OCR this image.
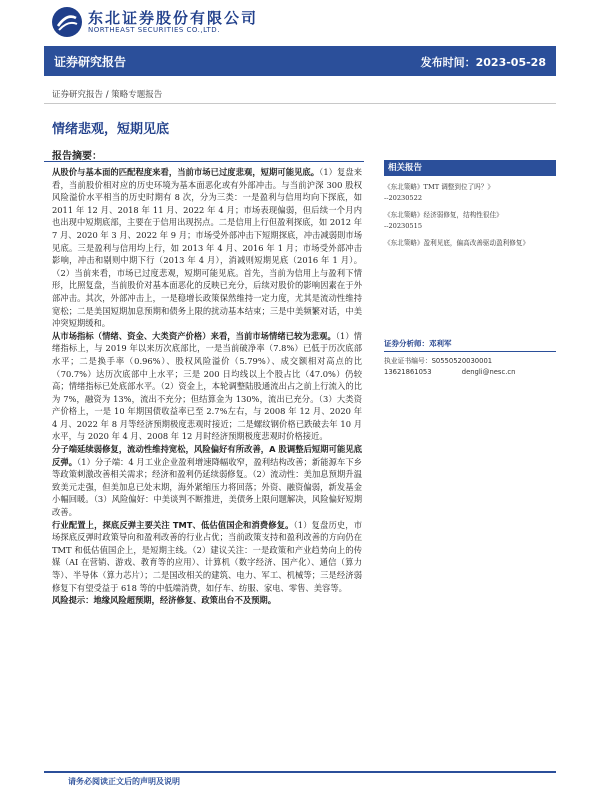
东北证券股份有限公司
NORTHEAST SECURITIES CO.,LTD.
证券研究报告	发布时间：2023-05-28
证券研究报告 / 策略专题报告
情绪悲观，短期见底
报告摘要：

从股价与基本面的匹配程度来看，当前市场已过度悲观，短期可能见底。（1）复盘来看，当前股价相对应的历史环境为基本面恶化或有外部冲击。与当前沪深 300 股权风险溢价水平相当的历史时期有 8 次，分为三类：一是盈利与信用均向下探底，如 2011 年 12 月、2018 年 11 月、2022 年 4 月；市场表现偏弱，但后续一个月内也出现中短期底部，主要在于信用出现拐点。二是信用上行但盈利探底，如 2012 年 7 月、2020 年 3 月、2022 年 9 月；市场受外部冲击下短期探底，冲击减弱則市场见底。三是盈利与信用均上行，如 2013 年 4 月、2016 年 1 月；市场受外部冲击影响，冲击和剔则中期下行（2013 年 4 月），消减则短期见底（2016 年 1 月）。（2）当前来看，市场已过度悲观，短期可能见底。首先，当前为信用上与盈利下情形，比照复盘，当前股价对基本面恶化的反映已充分，后续对股价的影响因素在于外部冲击。其次，外部冲击上，一是稳增长政策保然维持一定力度，尤其是流动性维持宽松；二是美国短期加息预期和债务上限的扰动基本结束；三是中美频繁对话，中美冲突短期缓和。

从市场指标（情绪、资金、大类资产价格）来看，当前市场情绪已较为悲观。（1）情绪指标上，与 2019 年以来历次底部比，一是当前破净率（7.8%）已低于历次底部水平；二是换手率（0.96%）、股权风险溢价（5.79%）、成交额相对高点的比（70.7%）达历次底部中上水平；三是 200 日均线以上个股占比（47.0%）仍较高；情绪指标已处底部水平。（2）资金上，本轮调整陆股通流出占之前上行流入的比为 7%，融资为 13%，流出不充分；但结算金为 130%，流出已充分。（3）大类资产价格上，一是 10 年期国债收益率已至 2.7%左右，与 2008 年 12 月、2020 年 4 月、2022 年 8 月等经济预期极度悲观时接近；二是螺纹钢价格已跌破去年 10 月水平，与 2020 年 4 月、2008 年 12 月时经济预期极度悲观时价格接近。

分子端延续弱修复，流动性维持宽松，风险偏好有所改善，A 股调整后短期可能见底反弹。（1）分子端：4 月工业企业盈利增速降幅收窄，盈利结构改善；新能源车下乡等政策刺激改善相关需求；经济和盈利仍延续弱修复。（2）流动性：美加息预期升温致美元走强，但美加息已处末期，海外紧缩压力将回落；外资、融资偏弱，新发基金小幅回暖。（3）风险偏好：中美谈判不断推进，美债务上限问题解决，风险偏好短期改善。

行业配置上，探底反弹主要关注 TMT、低估值国企和消费修复。（1）复盘历史，市场探底反弹时政策导向和盈利改善的行业占优；当前政策支持和盈利改善的方向仍在 TMT 和低估值国企上，是短期主线。（2）建议关注：一是政策和产业趋势向上的传媒（AI 在营销、游戏、教育等的应用）、计算机（数字经济、国产化）、通信（算力等）、半导体（算力芯片）；二是国改相关的建筑、电力、军工、机械等；三是经济弱修复下有望受益于 618 等的中低端消费，如仔车、纺服、家电、零售、美容等。

风险提示：地缘风险超预期，经济修复、政策出台不及预期。

相关报告
《东北策略》TMT 调整到位了吗？》
--20230522
《东北策略》经济弱修复，结构性很佳》
--20230515
《东北策略》盈利见底，偏高改善驱动盈利修复》
证券分析师：邓利军
执业证书编号：S0550520030001
13621861053	dengli@nesc.cn
请务必阅读正文后的声明及说明
